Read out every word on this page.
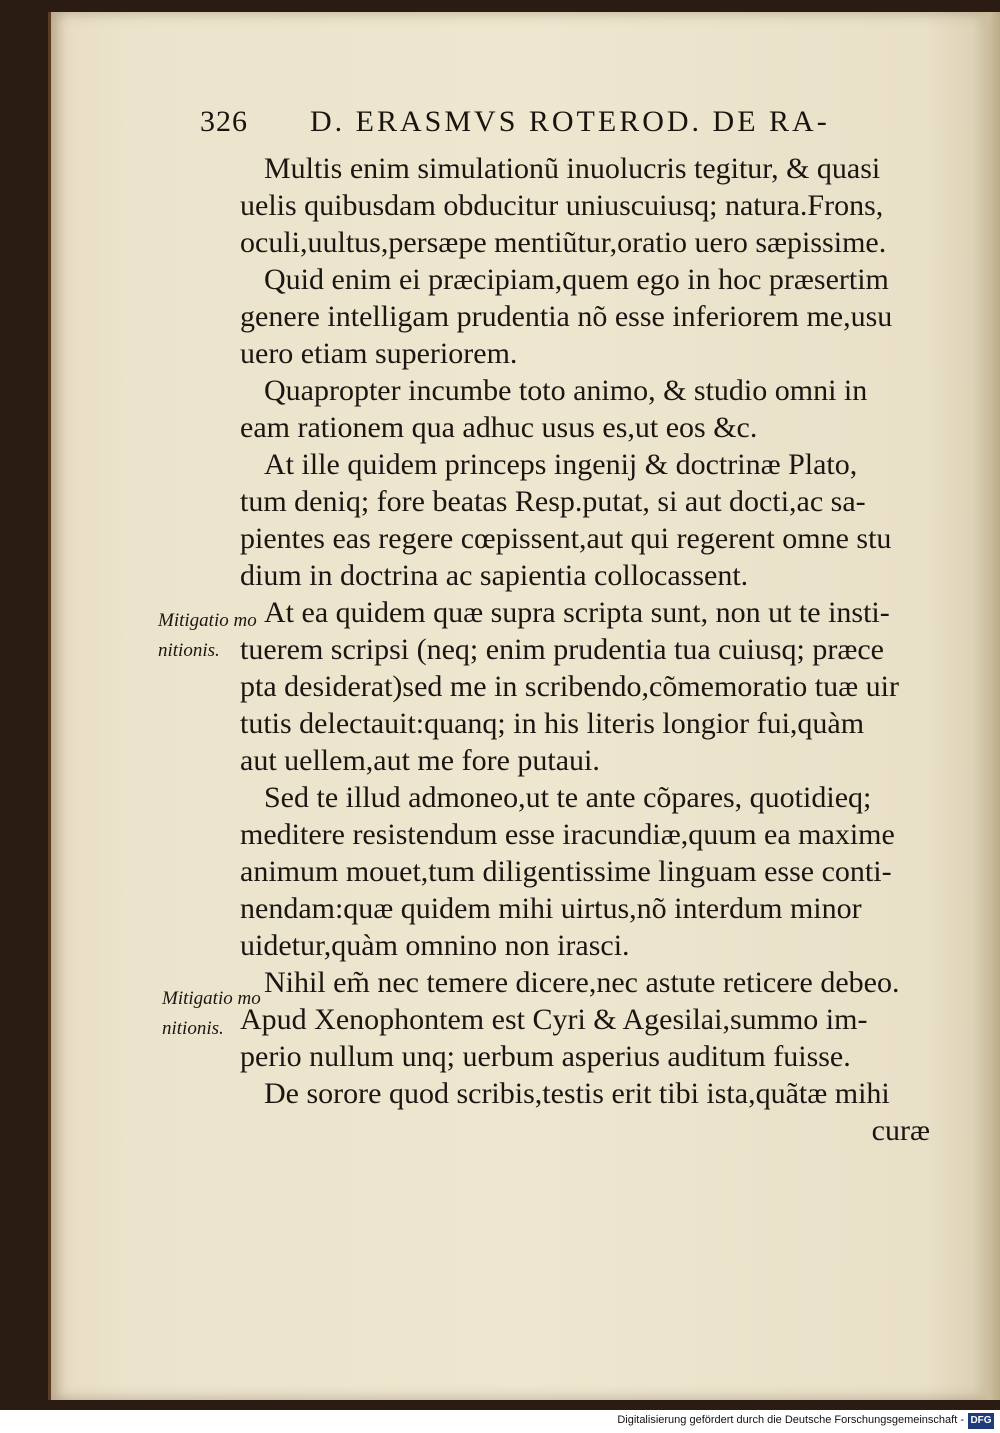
326 D. ERASMVS ROTEROD. DE RA-
Multis enim simulationũ inuolucris tegitur, & quasi
uelis quibusdam obducitur uniuscuiusq; natura.Frons,
oculi,uultus,persæpe mentiũtur,oratio uero sæpissime.
Quid enim ei præcipiam,quem ego in hoc præsertim
genere intelligam prudentia nõ esse inferiorem me,usu
uero etiam superiorem.
Quapropter incumbe toto animo, & studio omni in
eam rationem qua adhuc usus es,ut eos &c.
At ille quidem princeps ingenij & doctrinæ Plato,
tum deniq; fore beatas Resp.putat, si aut docti,ac sa-
pientes eas regere cœpissent,aut qui regerent omne stu
dium in doctrina ac sapientia collocassent.
At ea quidem quæ supra scripta sunt, non ut te insti-
tuerem scripsi (neq; enim prudentia tua cuiusq; præce
pta desiderat)sed me in scribendo,cõmemoratio tuæ uir
tutis delectauit:quanq; in his literis longior fui,quàm
aut uellem,aut me fore putaui.
Sed te illud admoneo,ut te ante cõpares, quotidieq;
meditere resistendum esse iracundiæ,quum ea maxime
animum mouet,tum diligentissime linguam esse conti-
nendam:quæ quidem mihi uirtus,nõ interdum minor
uidetur,quàm omnino non irasci.
Nihil em̃ nec temere dicere,nec astute reticere debeo.
Apud Xenophontem est Cyri & Agesilai,summo im-
perio nullum unq; uerbum asperius auditum fuisse.
De sorore quod scribis,testis erit tibi ista,quãtæ mihi
curæ
Mitigatio mo
nitionis.
Mitigatio mo
nitionis.
Digitalisierung gefördert durch die Deutsche Forschungsgemeinschaft - DFG
